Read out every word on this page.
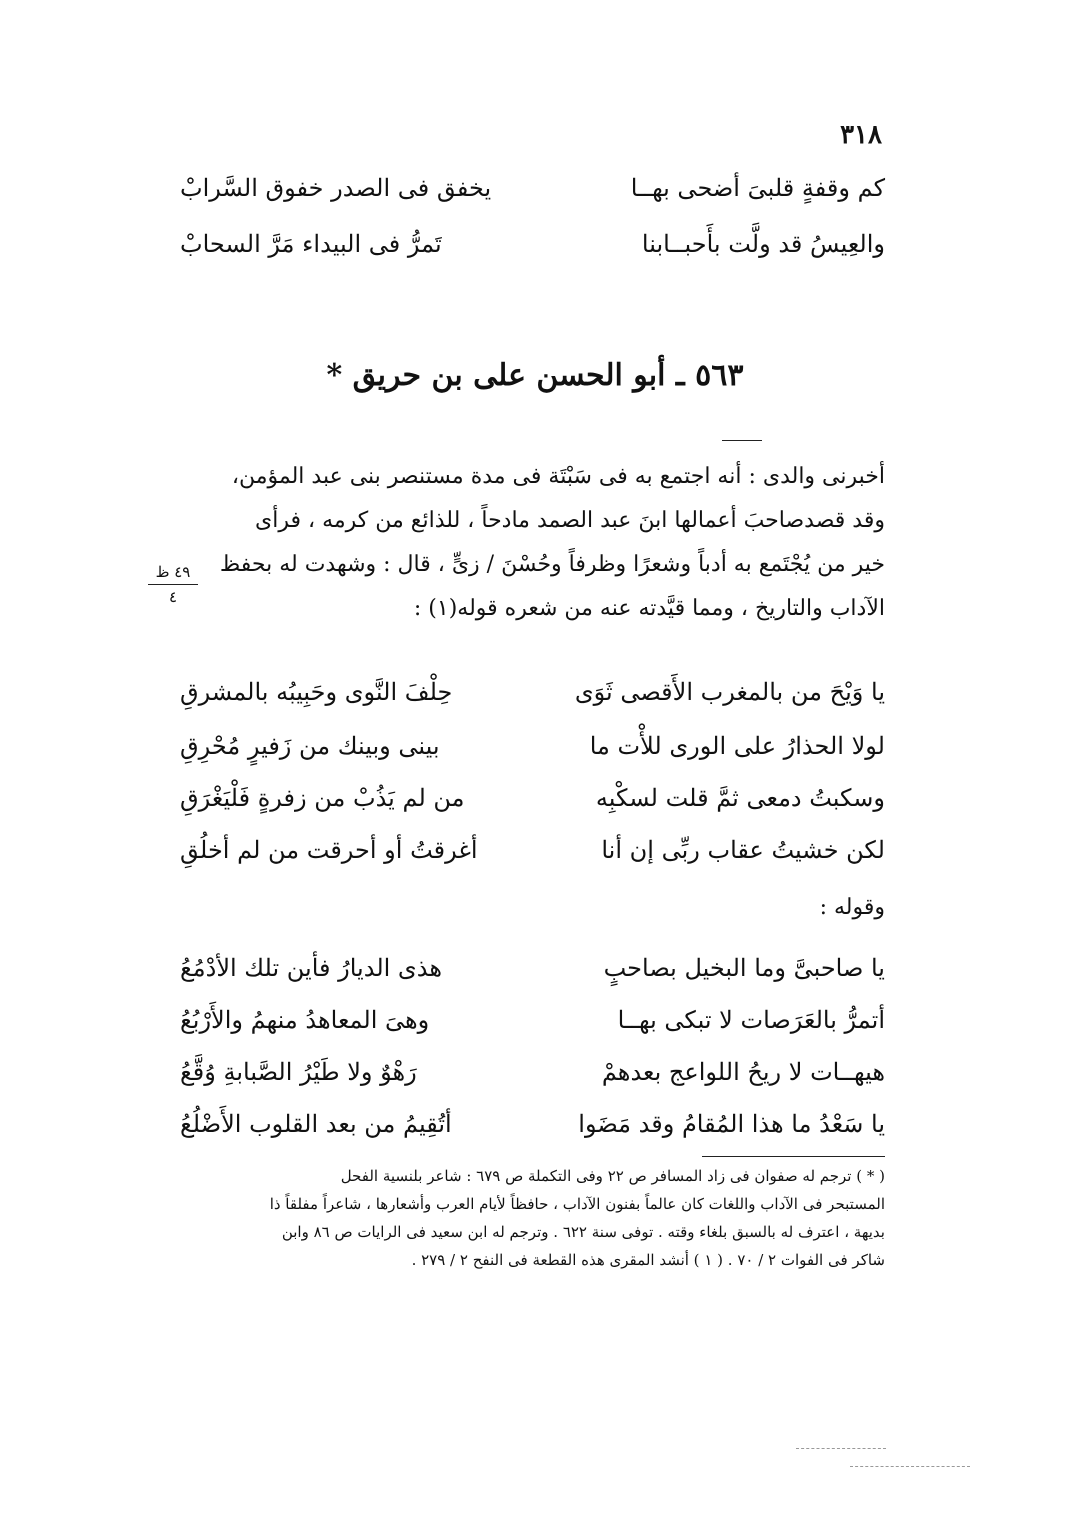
٣١٨
كم وقفةٍ قلبىَ أضحى بهــا
يخفق فى الصدر خفوق السَّرابْ
والعِيسُ قد ولَّت بأَحبــابنا
تَمرُّ فى البيداء مَرَّ السحابْ
٥٦٣ ـ أبو الحسن على بن حريق *

أخبرنى والدى : أنه اجتمع به فى سَبْتَة فى مدة مستنصر بنى عبد المؤمن،

وقد قصدصاحبَ أعمالها ابنَ عبد الصمد مادحاً ، للذائع من كرمه ، فرأى

خير من يُجْتَمع به أدباً وشعرًا وظرفاً وحُسْنَ / زىٍّ ، قال : وشهدت له بحفظ

الآداب والتاريخ ، ومما قيَّدته عنه من شعره قوله(١) :

٤٩ ظ
٤
يا وَيْحَ من بالمغرب الأَقصى ثَوَى
حِلْفَ النَّوى وحَبِيبُه بالمشرقِ
لولا الحذارُ على الورى للأْت ما
بينى وبينك من زَفيرٍ مُحْرِقِ
وسكبتُ دمعى ثمَّ قلت لسكْبِه
من لم يَذُبْ من زفرةٍ فَلْيَغْرَقِ
لكن خشيتُ عقاب ربِّى إن أنا
أغرقتُ أو أحرقت من لم أخلُقِ
وقوله :
يا صاحبىَّ وما البخيل بصاحبٍ
هذى الديارُ فأين تلك الأدْمُعُ
أتمرُّ بالعَرَصات لا تبكى بهــا
وهىَ المعاهدُ منهمُ والأَرْبُعُ
هيهــات لا ريحُ اللواعج بعدهمْ
رَهْوٌ ولا طَيْرُ الصَّبابةِ وُقَّعُ
يا سَعْدُ ما هذا المُقامُ وقد مَضَوا
أتُقِيمُ من بعد القلوب الأَضْلُعُ

( * ) ترجم له صفوان فى زاد المسافر ص ٢٢ وفى التكملة ص ٦٧٩ : شاعر بلنسية الفحل

المستبحر فى الآداب واللغات كان عالماً بفنون الآداب ، حافظاً لأيام العرب وأشعارها ، شاعراً مفلقاً ذا

بديهة ، اعترف له بالسبق بلغاء وقته . توفى سنة ٦٢٢ . وترجم له ابن سعيد فى الرايات ص ٨٦ وابن

شاكر فى الفوات ٢ / ٧٠ . ( ١ ) أنشد المقرى هذه القطعة فى النفح ٢ / ٢٧٩ .
